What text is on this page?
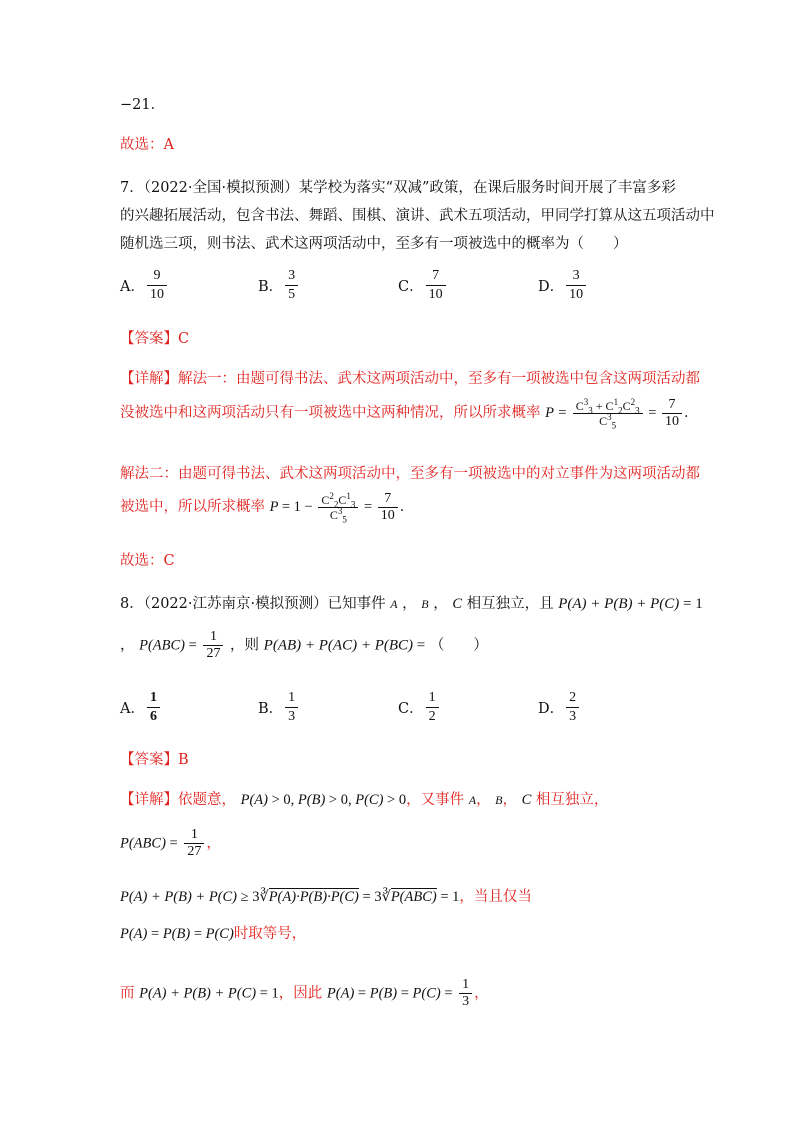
−21．
故选：A
7．（2022·全国·模拟预测）某学校为落实“双减”政策，在课后服务时间开展了丰富多彩
的兴趣拓展活动，包含书法、舞蹈、围棋、演讲、武术五项活动，甲同学打算从这五项活动中
随机选三项，则书法、武术这两项活动中，至多有一项被选中的概率为（　　）
A． $\frac{9}{10}$	B． $\frac{3}{5}$	C． $\frac{7}{10}$	D． $\frac{3}{10}$
【答案】C
【详解】解法一：由题可得书法、武术这两项活动中，至多有一项被选中包含这两项活动都
没被选中和这两项活动只有一项被选中这两种情况，所以所求概率 $P = \frac{C^3_3 + C^1_2C^2_3}{C^3_5} = \frac{7}{10}$ ．
解法二：由题可得书法、武术这两项活动中，至多有一项被选中的对立事件为这两项活动都
被选中，所以所求概率 $P = 1 - \frac{C^2_2C^1_3}{C^3_5} = \frac{7}{10}$ ．
故选：C
8．（2022·江苏南京·模拟预测）已知事件 A ， B ， C 相互独立，且 P(A) + P(B) + P(C) = 1
， $P(ABC) = \frac{1}{27}$ ，则 P(AB) + P(AC) + P(BC) = （　　）
A． $\frac{1}{6}$	B． $\frac{1}{3}$	C． $\frac{1}{2}$	D． $\frac{2}{3}$
【答案】B
【详解】依题意， P(A) > 0, P(B) > 0, P(C) > 0，又事件 A， B， C 相互独立，
$P(ABC) = \frac{1}{27}$ ，
P(A) + P(B) + P(C) ≥ 3∛P(A)·P(B)·P(C) = 3∛P(ABC) = 1，当且仅当
P(A) = P(B) = P(C)时取等号，
而 P(A) + P(B) + P(C) = 1，因此 $P(A) = P(B) = P(C) = \frac{1}{3}$ ，
